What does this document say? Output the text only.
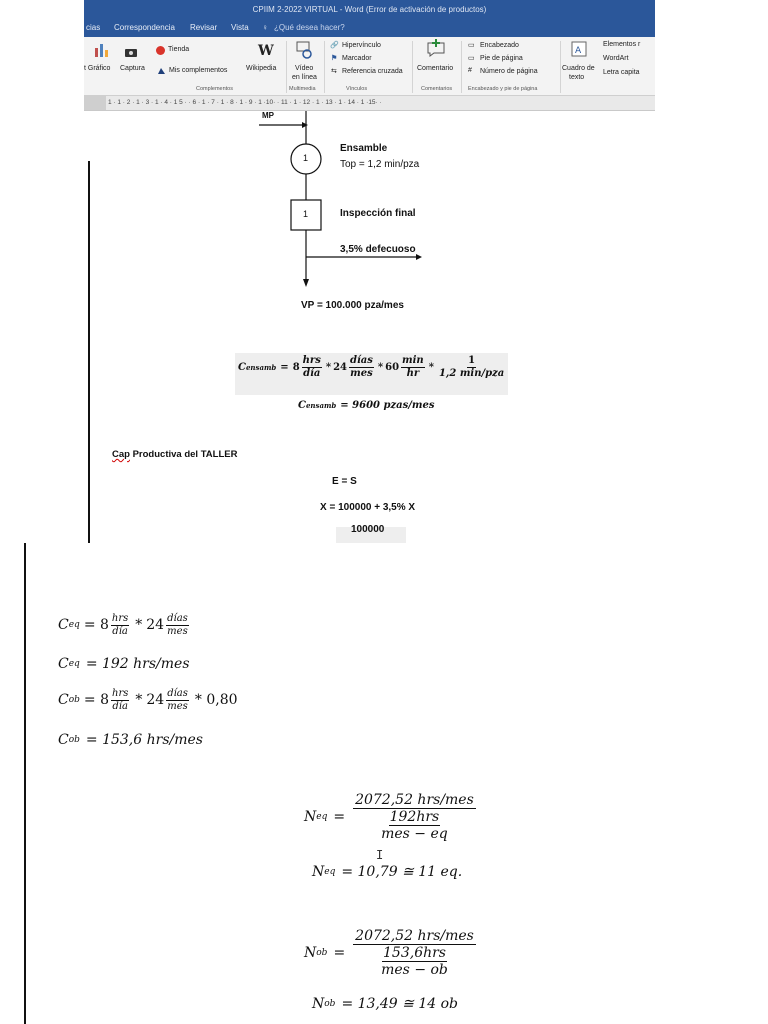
CPIIM 2-2022 VIRTUAL - Word (Error de activación de productos)
cias Correspondencia Revisar Vista ♀ ¿Qué desea hacer?
t Gráfico Captura
Tienda
Mis complementos
W
Wikipedia
Complementos
Vídeo
en línea
Multimedia
🔗 Hipervínculo
⚑ Marcador
⇆ Referencia cruzada
Vínculos
Comentario
Comentarios
▭ Encabezado
▭ Pie de página
# Número de página
Encabezado y pie de página
A
Cuadro de
texto
Elementos r
WordArt
Letra capita
1 · 1 · 2 · 1 · 3 · 1 · 4 · 1 5 · · 6 · 1 · 7 · 1 · 8 · 1 · 9 · 1 ·10· · 11 · 1 · 12 · 1 · 13 · 1 · 14 · 1 ·15· ·
ΜΡ
1
Ensamble
Top = 1,2 min/pza
1	Inspección final
3,5% defecuoso
VP = 100.000 pza/mes
C ensamb = $8 \frac{\text{hrs}}{\text{día}} * 24 \frac{\text{días}}{\text{mes}} * 60 \frac{\min}{hr} * \frac{1}{\text{1,2 min/pza}}$
C ensamb = 9600 pzas/mes
Cap Productiva del TALLER
E = S
X = 100000 + 3,5% X
100000
C eq = $8 \frac{\text{hrs}}{\text{día}} * 24 \frac{\text{días}}{\text{mes}}$
C eq = 192 hrs/mes
C ob = $8 \frac{\text{hrs}}{\text{día}} * 24 \frac{\text{días}}{\text{mes}} * 0,80$
C ob = 153,6 hrs/mes
N eq = $\frac{\text{2072,52 hrs/mes}}{\frac{\text{192hrs}}{\text{mes − eq}}}$
I
N eq = 10,79 ≅ 11 eq.
N ob = $\frac{\text{2072,52 hrs/mes}}{\frac{\text{153,6hrs}}{\text{mes − ob}}}$
N ob = 13,49 ≅ 14 ob
